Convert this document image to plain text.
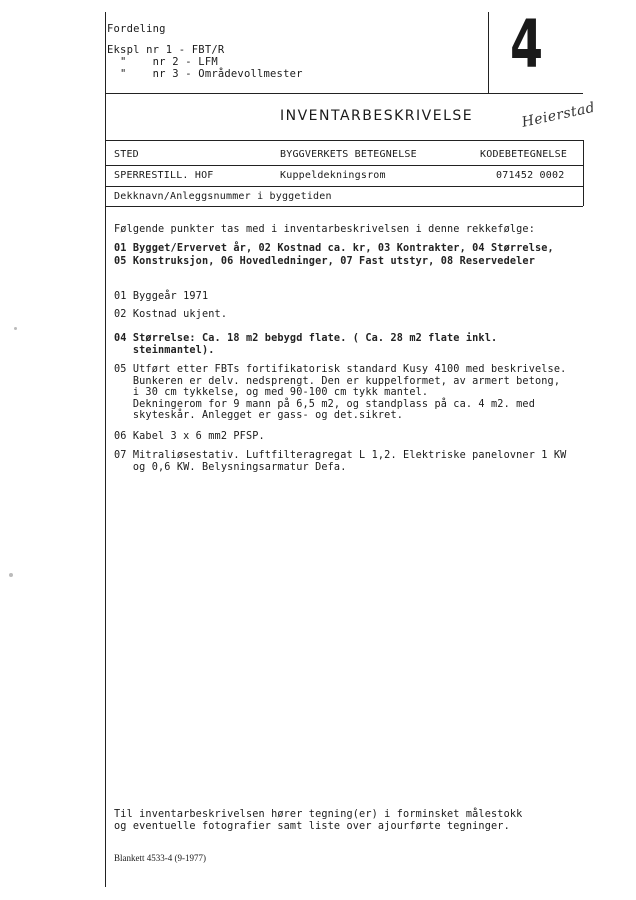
Fordeling
Ekspl nr 1 - FBT/R
"    nr 2 - LFM
"    nr 3 - Områdevollmester	4
INVENTARBESKRIVELSE	Heierstad
STED	BYGGVERKETS BETEGNELSE	KODEBETEGNELSE
SPERRESTILL. HOF	Kuppeldekningsrom	071452 0002
Dekknavn/Anleggsnummer i byggetiden
Følgende punkter tas med i inventarbeskrivelsen i denne rekkefølge:
01 Bygget/Ervervet år, 02 Kostnad ca. kr, 03 Kontrakter, 04 Størrelse,
05 Konstruksjon, 06 Hovedledninger, 07 Fast utstyr, 08 Reservedeler
01 Byggeår 1971
02 Kostnad ukjent.
04 Størrelse: Ca. 18 m2 bebygd flate. ( Ca. 28 m2 flate inkl.
steinmantel).
05 Utført etter FBTs fortifikatorisk standard Kusy 4100 med beskrivelse.
Bunkeren er delv. nedsprengt. Den er kuppelformet, av armert betong,
i 30 cm tykkelse, og med 90-100 cm tykk mantel.
Dekningerom for 9 mann på 6,5 m2, og standplass på ca. 4 m2. med
skyteskår. Anlegget er gass- og det.sikret.
06 Kabel 3 x 6 mm2 PFSP.
07 Mitraliøsestativ. Luftfilteragregat L 1,2. Elektriske panelovner 1 KW
og 0,6 KW. Belysningsarmatur Defa.
Til inventarbeskrivelsen hører tegning(er) i forminsket målestokk
og eventuelle fotografier samt liste over ajourførte tegninger.
Blankett 4533-4 (9-1977)
